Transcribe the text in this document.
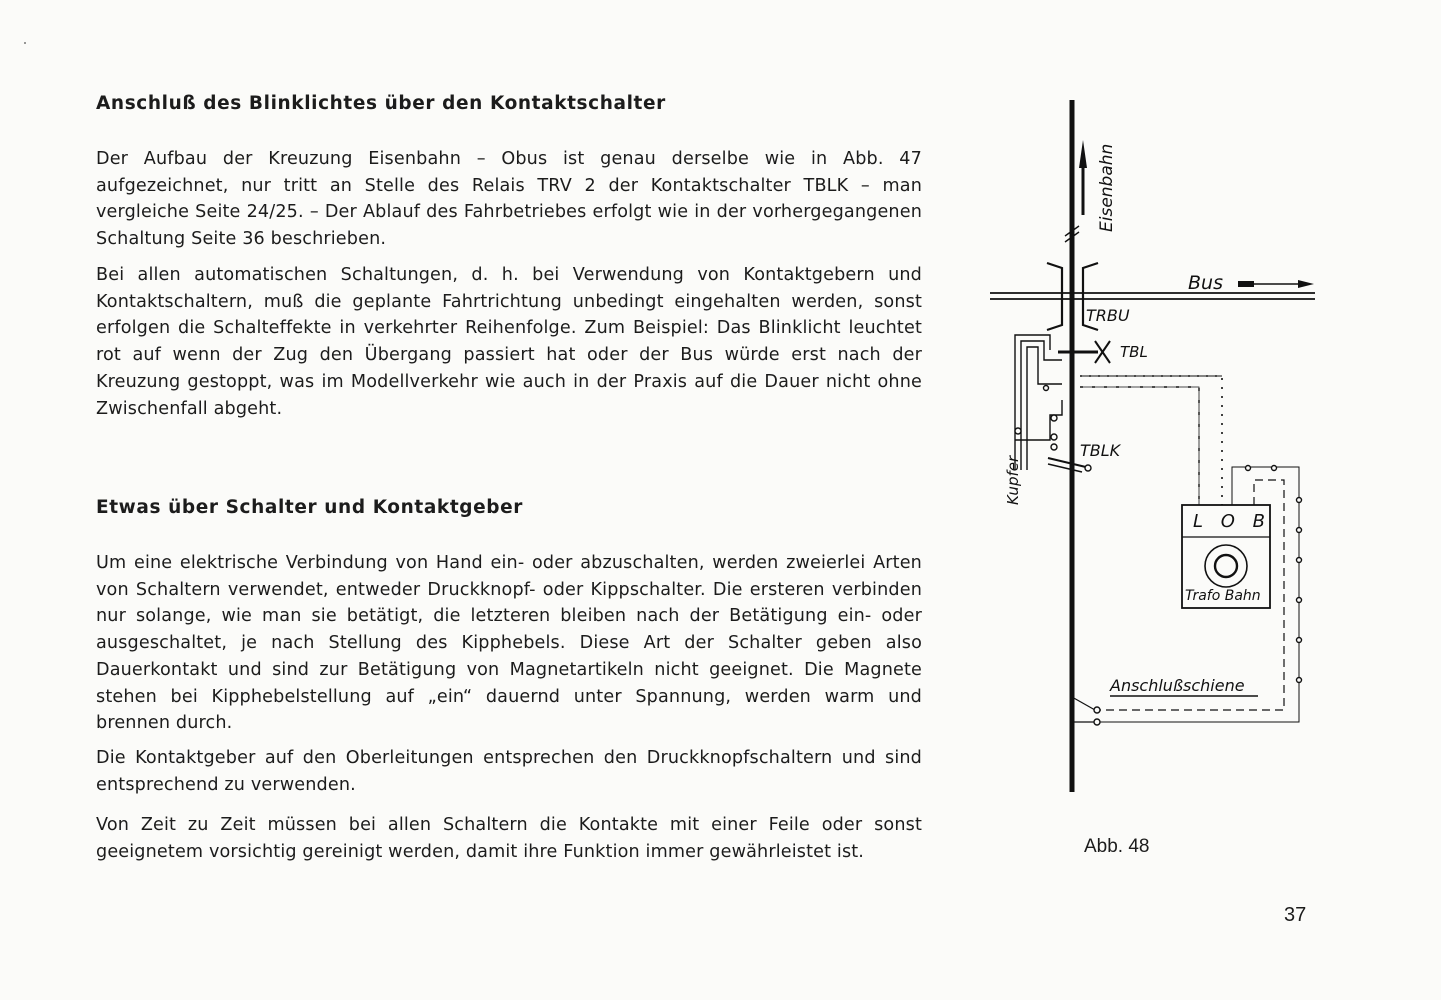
Anschluß des Blinklichtes über den Kontaktschalter

Der Aufbau der Kreuzung Eisenbahn – Obus ist genau derselbe wie in Abb. 47 aufgezeichnet, nur tritt an Stelle des Relais TRV 2 der Kontaktschalter TBLK – man vergleiche Seite 24/25. – Der Ablauf des Fahrbetriebes erfolgt wie in der vorhergegangenen Schaltung Seite 36 beschrieben.

Bei allen automatischen Schaltungen, d. h. bei Verwendung von Kontaktgebern und Kontaktschaltern, muß die geplante Fahrtrichtung unbedingt eingehalten werden, sonst erfolgen die Schalteffekte in verkehrter Reihenfolge. Zum Beispiel: Das Blinklicht leuchtet rot auf wenn der Zug den Übergang passiert hat oder der Bus würde erst nach der Kreuzung gestoppt, was im Modellverkehr wie auch in der Praxis auf die Dauer nicht ohne Zwischenfall abgeht.

Etwas über Schalter und Kontaktgeber

Um eine elektrische Verbindung von Hand ein- oder abzuschalten, werden zweierlei Arten von Schaltern verwendet, entweder Druckknopf- oder Kippschalter. Die ersteren verbinden nur solange, wie man sie betätigt, die letzteren bleiben nach der Betätigung ein- oder ausgeschaltet, je nach Stellung des Kipphebels. Diese Art der Schalter geben also Dauerkontakt und sind zur Betätigung von Magnetartikeln nicht geeignet. Die Magnete stehen bei Kipphebelstellung auf „ein“ dauernd unter Spannung, werden warm und brennen durch.

Die Kontaktgeber auf den Oberleitungen entsprechen den Druckknopfschaltern und sind entsprechend zu verwenden.

Von Zeit zu Zeit müssen bei allen Schaltern die Kontakte mit einer Feile oder sonst geeignetem vorsichtig gereinigt werden, damit ihre Funktion immer gewährleistet ist.

Eisenbahn
Bus
TRBU
TBL
TBLK
Kupfer
L O B
Trafo Bahn
Anschlußschiene
Abb. 48
37
